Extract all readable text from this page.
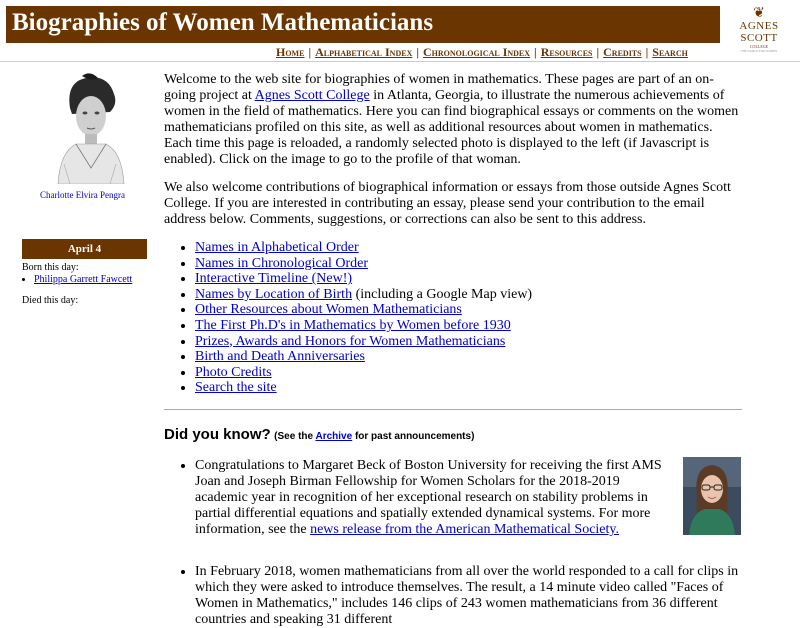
Biographies of Women Mathematicians	❦
AGNES SCOTT
COLLEGE
THE WORLD FOR WOMEN
Home | Alphabetical Index | Chronological Index | Resources | Credits | Search
Charlotte Elvira Pengra
April 4
Born this day:
• Philippa Garrett Fawcett
Died this day:

Welcome to the web site for biographies of women in mathematics. These pages are part of an on-going project at Agnes Scott College in Atlanta, Georgia, to illustrate the numerous achievements of women in the field of mathematics. Here you can find biographical essays or comments on the women mathematicians profiled on this site, as well as additional resources about women in mathematics. Each time this page is reloaded, a randomly selected photo is displayed to the left (if Javascript is enabled). Click on the image to go to the profile of that woman.

We also welcome contributions of biographical information or essays from those outside Agnes Scott College. If you are interested in contributing an essay, please send your contribution to the email address below. Comments, suggestions, or corrections can also be sent to this address.

• Names in Alphabetical Order
• Names in Chronological Order
• Interactive Timeline (New!)
• Names by Location of Birth (including a Google Map view)
• Other Resources about Women Mathematicians
• The First Ph.D's in Mathematics by Women before 1930
• Prizes, Awards and Honors for Women Mathematicians
• Birth and Death Anniversaries
• Photo Credits
• Search the site
Did you know? (See the Archive for past announcements)
• Congratulations to Margaret Beck of Boston University for receiving the first AMS Joan and Joseph Birman Fellowship for Women Scholars for the 2018-2019 academic year in recognition of her exceptional research on stability problems in partial differential equations and spatially extended dynamical systems. For more information, see the news release from the American Mathematical Society.
• In February 2018, women mathematicians from all over the world responded to a call for clips in which they were asked to introduce themselves. The result, a 14 minute video called "Faces of Women in Mathematics," includes 146 clips of 243 women mathematicians from 36 different countries and speaking 31 different
